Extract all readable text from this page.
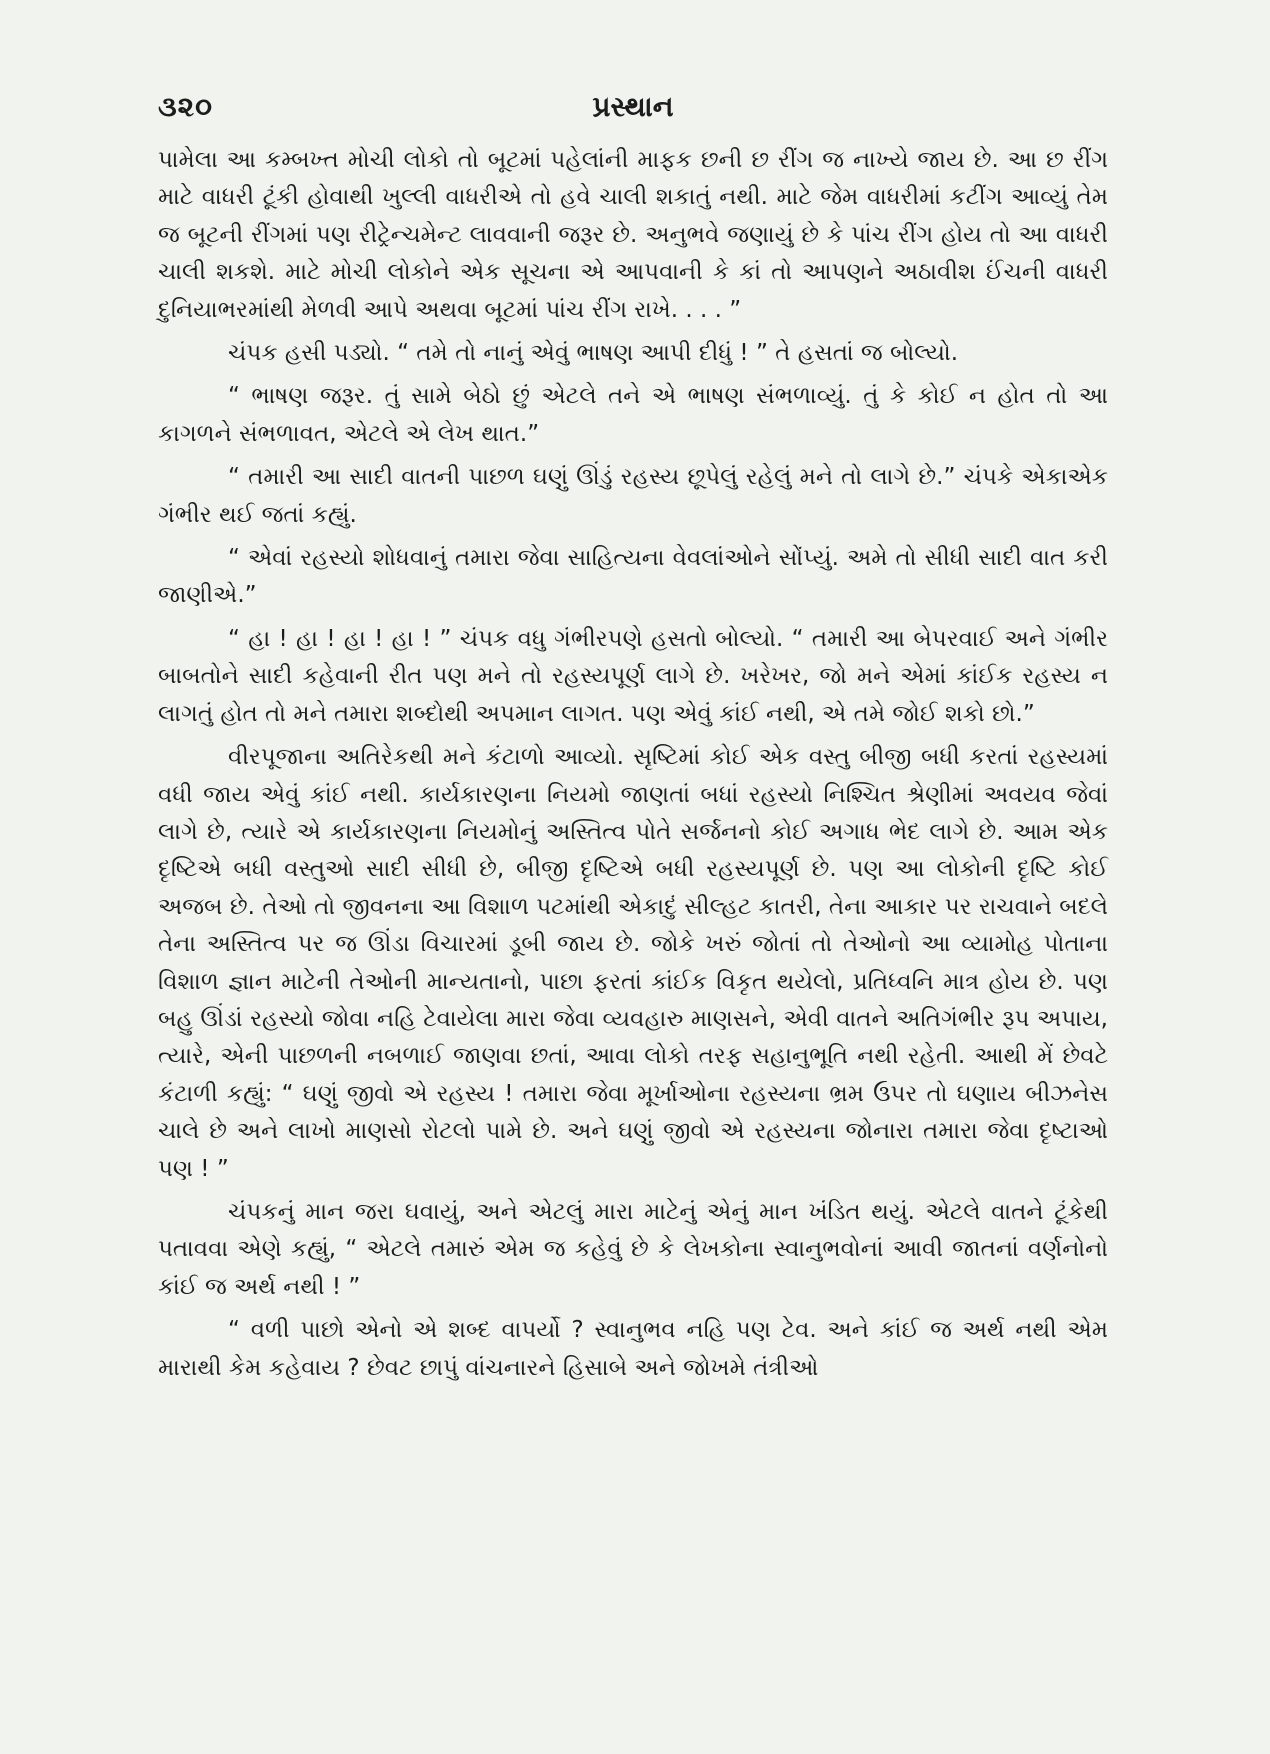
૩૨૦	પ્રસ્થાન

પામેલા આ કમ્બખ્ત મોચી લોકો તો બૂટમાં પહેલાંની માફક છની છ રીંગ જ નાખ્યે જાય છે. આ છ રીંગ માટે વાધરી ટૂંકી હોવાથી ખુલ્લી વાધરીએ તો હવે ચાલી શકાતું નથી. માટે જેમ વાધરીમાં કટીંગ આવ્યું તેમ જ બૂટની રીંગમાં પણ રીટ્રેન્ચમેન્ટ લાવવાની જરૂર છે. અનુભવે જણાયું છે કે પાંચ રીંગ હોય તો આ વાધરી ચાલી શકશે. માટે મોચી લોકોને એક સૂચના એ આપવાની કે કાં તો આપણને અઠાવીશ ઈંચની વાધરી દુનિયાભરમાંથી મેળવી આપે અથવા બૂટમાં પાંચ રીંગ રાખે. . . . ”

ચંપક હસી પડ્યો. “ તમે તો નાનું એવું ભાષણ આપી દીધું ! ” તે હસતાં જ બોલ્યો.

“ ભાષણ જરૂર. તું સામે બેઠો છું એટલે તને એ ભાષણ સંભળાવ્યું. તું કે કોઈ ન હોત તો આ કાગળને સંભળાવત, એટલે એ લેખ થાત.”

“ તમારી આ સાદી વાતની પાછળ ઘણું ઊંડું રહસ્ય છૂપેલું રહેલું મને તો લાગે છે.” ચંપકે એકાએક ગંભીર થઈ જતાં કહ્યું.

“ એવાં રહસ્યો શોધવાનું તમારા જેવા સાહિત્યના વેવલાંઓને સોંપ્યું. અમે તો સીધી સાદી વાત કરી જાણીએ.”

“ હા ! હા ! હા ! હા ! ” ચંપક વધુ ગંભીરપણે હસતો બોલ્યો. “ તમારી આ બેપરવાઈ અને ગંભીર બાબતોને સાદી કહેવાની રીત પણ મને તો રહસ્યપૂર્ણ લાગે છે. ખરેખર, જો મને એમાં કાંઈક રહસ્ય ન લાગતું હોત તો મને તમારા શબ્દોથી અપમાન લાગત. પણ એવું કાંઈ નથી, એ તમે જોઈ શકો છો.”

વીરપૂજાના અતિરેકથી મને કંટાળો આવ્યો. સૃષ્ટિમાં કોઈ એક વસ્તુ બીજી બધી કરતાં રહસ્યમાં વધી જાય એવું કાંઈ નથી. કાર્યકારણના નિયમો જાણતાં બધાં રહસ્યો નિશ્ચિત શ્રેણીમાં અવયવ જેવાં લાગે છે, ત્યારે એ કાર્યકારણના નિયમોનું અસ્તિત્વ પોતે સર્જનનો કોઈ અગાધ ભેદ લાગે છે. આમ એક દૃષ્ટિએ બધી વસ્તુઓ સાદી સીધી છે, બીજી દૃષ્ટિએ બધી રહસ્યપૂર્ણ છે. પણ આ લોકોની દૃષ્ટિ કોઈ અજબ છે. તેઓ તો જીવનના આ વિશાળ પટમાંથી એકાદું સીલ્હટ કાતરી, તેના આકાર પર રાચવાને બદલે તેના અસ્તિત્વ પર જ ઊંડા વિચારમાં ડૂબી જાય છે. જોકે ખરું જોતાં તો તેઓનો આ વ્યામોહ પોતાના વિશાળ જ્ઞાન માટેની તેઓની માન્યતાનો, પાછા ફરતાં કાંઈક વિકૃત થયેલો, પ્રતિધ્વનિ માત્ર હોય છે. પણ બહુ ઊંડાં રહસ્યો જોવા નહિ ટેવાયેલા મારા જેવા વ્યવહારુ માણસને, એવી વાતને અતિગંભીર રૂપ અપાય, ત્યારે, એની પાછળની નબળાઈ જાણવા છતાં, આવા લોકો તરફ સહાનુભૂતિ નથી રહેતી. આથી મેં છેવટે કંટાળી કહ્યું: “ ઘણું જીવો એ રહસ્ય ! તમારા જેવા મૂર્ખાઓના રહસ્યના ભ્રમ ઉપર તો ઘણાય બીઝનેસ ચાલે છે અને લાખો માણસો રોટલો પામે છે. અને ઘણું જીવો એ રહસ્યના જોનારા તમારા જેવા દૃષ્ટાઓ પણ ! ”

ચંપકનું માન જરા ઘવાયું, અને એટલું મારા માટેનું એનું માન ખંડિત થયું. એટલે વાતને ટૂંકેથી પતાવવા એણે કહ્યું, “ એટલે તમારું એમ જ કહેવું છે કે લેખકોના સ્વાનુભવોનાં આવી જાતનાં વર્ણનોનો કાંઈ જ અર્થ નથી ! ”

“ વળી પાછો એનો એ શબ્દ વાપર્યો ? સ્વાનુભવ નહિ પણ ટેવ. અને કાંઈ જ અર્થ નથી એમ મારાથી કેમ કહેવાય ? છેવટ છાપું વાંચનારને હિસાબે અને જોખમે તંત્રીઓ
